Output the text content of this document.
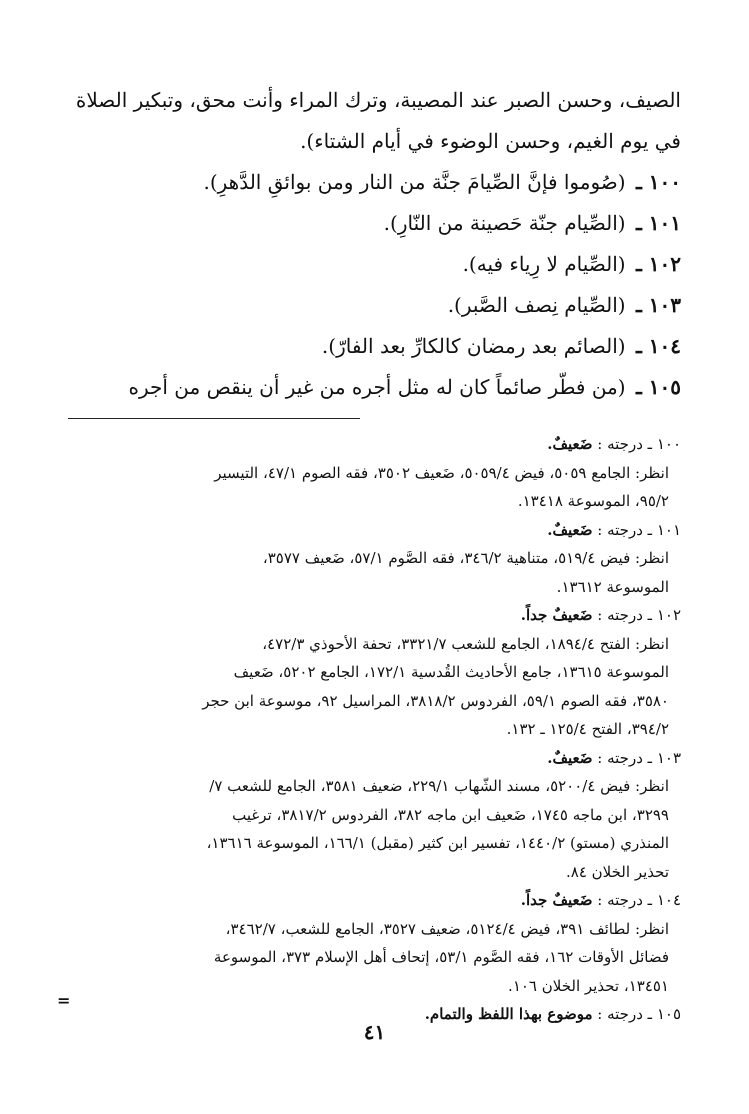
الصيف، وحسن الصبر عند المصيبة، وترك المراء وأنت محق، وتبكير الصلاة
في يوم الغيم، وحسن الوضوء في أيام الشتاء).
١٠٠ ـ (صُوموا فإنَّ الصِّيامَ جنَّة من النار ومن بوائقِ الدَّهرِ).
١٠١ ـ (الصِّيام جنّة حَصينة من النّارِ).
١٠٢ ـ (الصِّيام لا رِياء فيه).
١٠٣ ـ (الصِّيام نِصف الصَّبر).
١٠٤ ـ (الصائم بعد رمضان كالكارِّ بعد الفارّ).
١٠٥ ـ (من فطّر صائماً كان له مثل أجره من غير أن ينقص من أجره
١٠٠ ـ درجته : ضَعيفٌ.
انظر: الجامع ٥٠٥٩، فيض ٥٠٥٩/٤، ضَعيف ٣٥٠٢، فقه الصوم ٤٧/١، التيسير
٩٥/٢، الموسوعة ١٣٤١٨.
١٠١ ـ درجته : ضَعيفٌ.
انظر: فيض ٥١٩/٤، متناهية ٣٤٦/٢، فقه الصَّوم ٥٧/١، ضَعيف ٣٥٧٧،
الموسوعة ١٣٦١٢.
١٠٢ ـ درجته : ضَعيفٌ جداً.
انظر: الفتح ١٨٩٤/٤، الجامع للشعب ٣٣٢١/٧، تحفة الأحوذي ٤٧٢/٣،
الموسوعة ١٣٦١٥، جامع الأحاديث القُدسية ١٧٢/١، الجامع ٥٢٠٢، ضَعيف
٣٥٨٠، فقه الصوم ٥٩/١، الفردوس ٣٨١٨/٢، المراسيل ٩٢، موسوعة ابن حجر
٣٩٤/٢، الفتح ١٢٥/٤ ـ ١٣٢.
١٠٣ ـ درجته : ضَعيفٌ.
انظر: فيض ٥٢٠٠/٤، مسند الشّهاب ٢٢٩/١، ضعيف ٣٥٨١، الجامع للشعب ٧/
٣٢٩٩، ابن ماجه ١٧٤٥، ضَعيف ابن ماجه ٣٨٢، الفردوس ٣٨١٧/٢، ترغيب
المنذري (مستو) ١٤٤٠/٢، تفسير ابن كثير (مقبل) ١٦٦/١، الموسوعة ١٣٦١٦،
تحذير الخلان ٨٤.
١٠٤ ـ درجته : ضَعيفٌ جداً.
انظر: لطائف ٣٩١، فيض ٥١٢٤/٤، ضعيف ٣٥٢٧، الجامع للشعب، ٣٤٦٢/٧،
فضائل الأوقات ١٦٢، فقه الصَّوم ٥٣/١، إتحاف أهل الإسلام ٣٧٣، الموسوعة
١٣٤٥١، تحذير الخلان ١٠٦.
١٠٥ ـ درجته : موضوع بهذا اللفظ والتمام.
=
٤١
